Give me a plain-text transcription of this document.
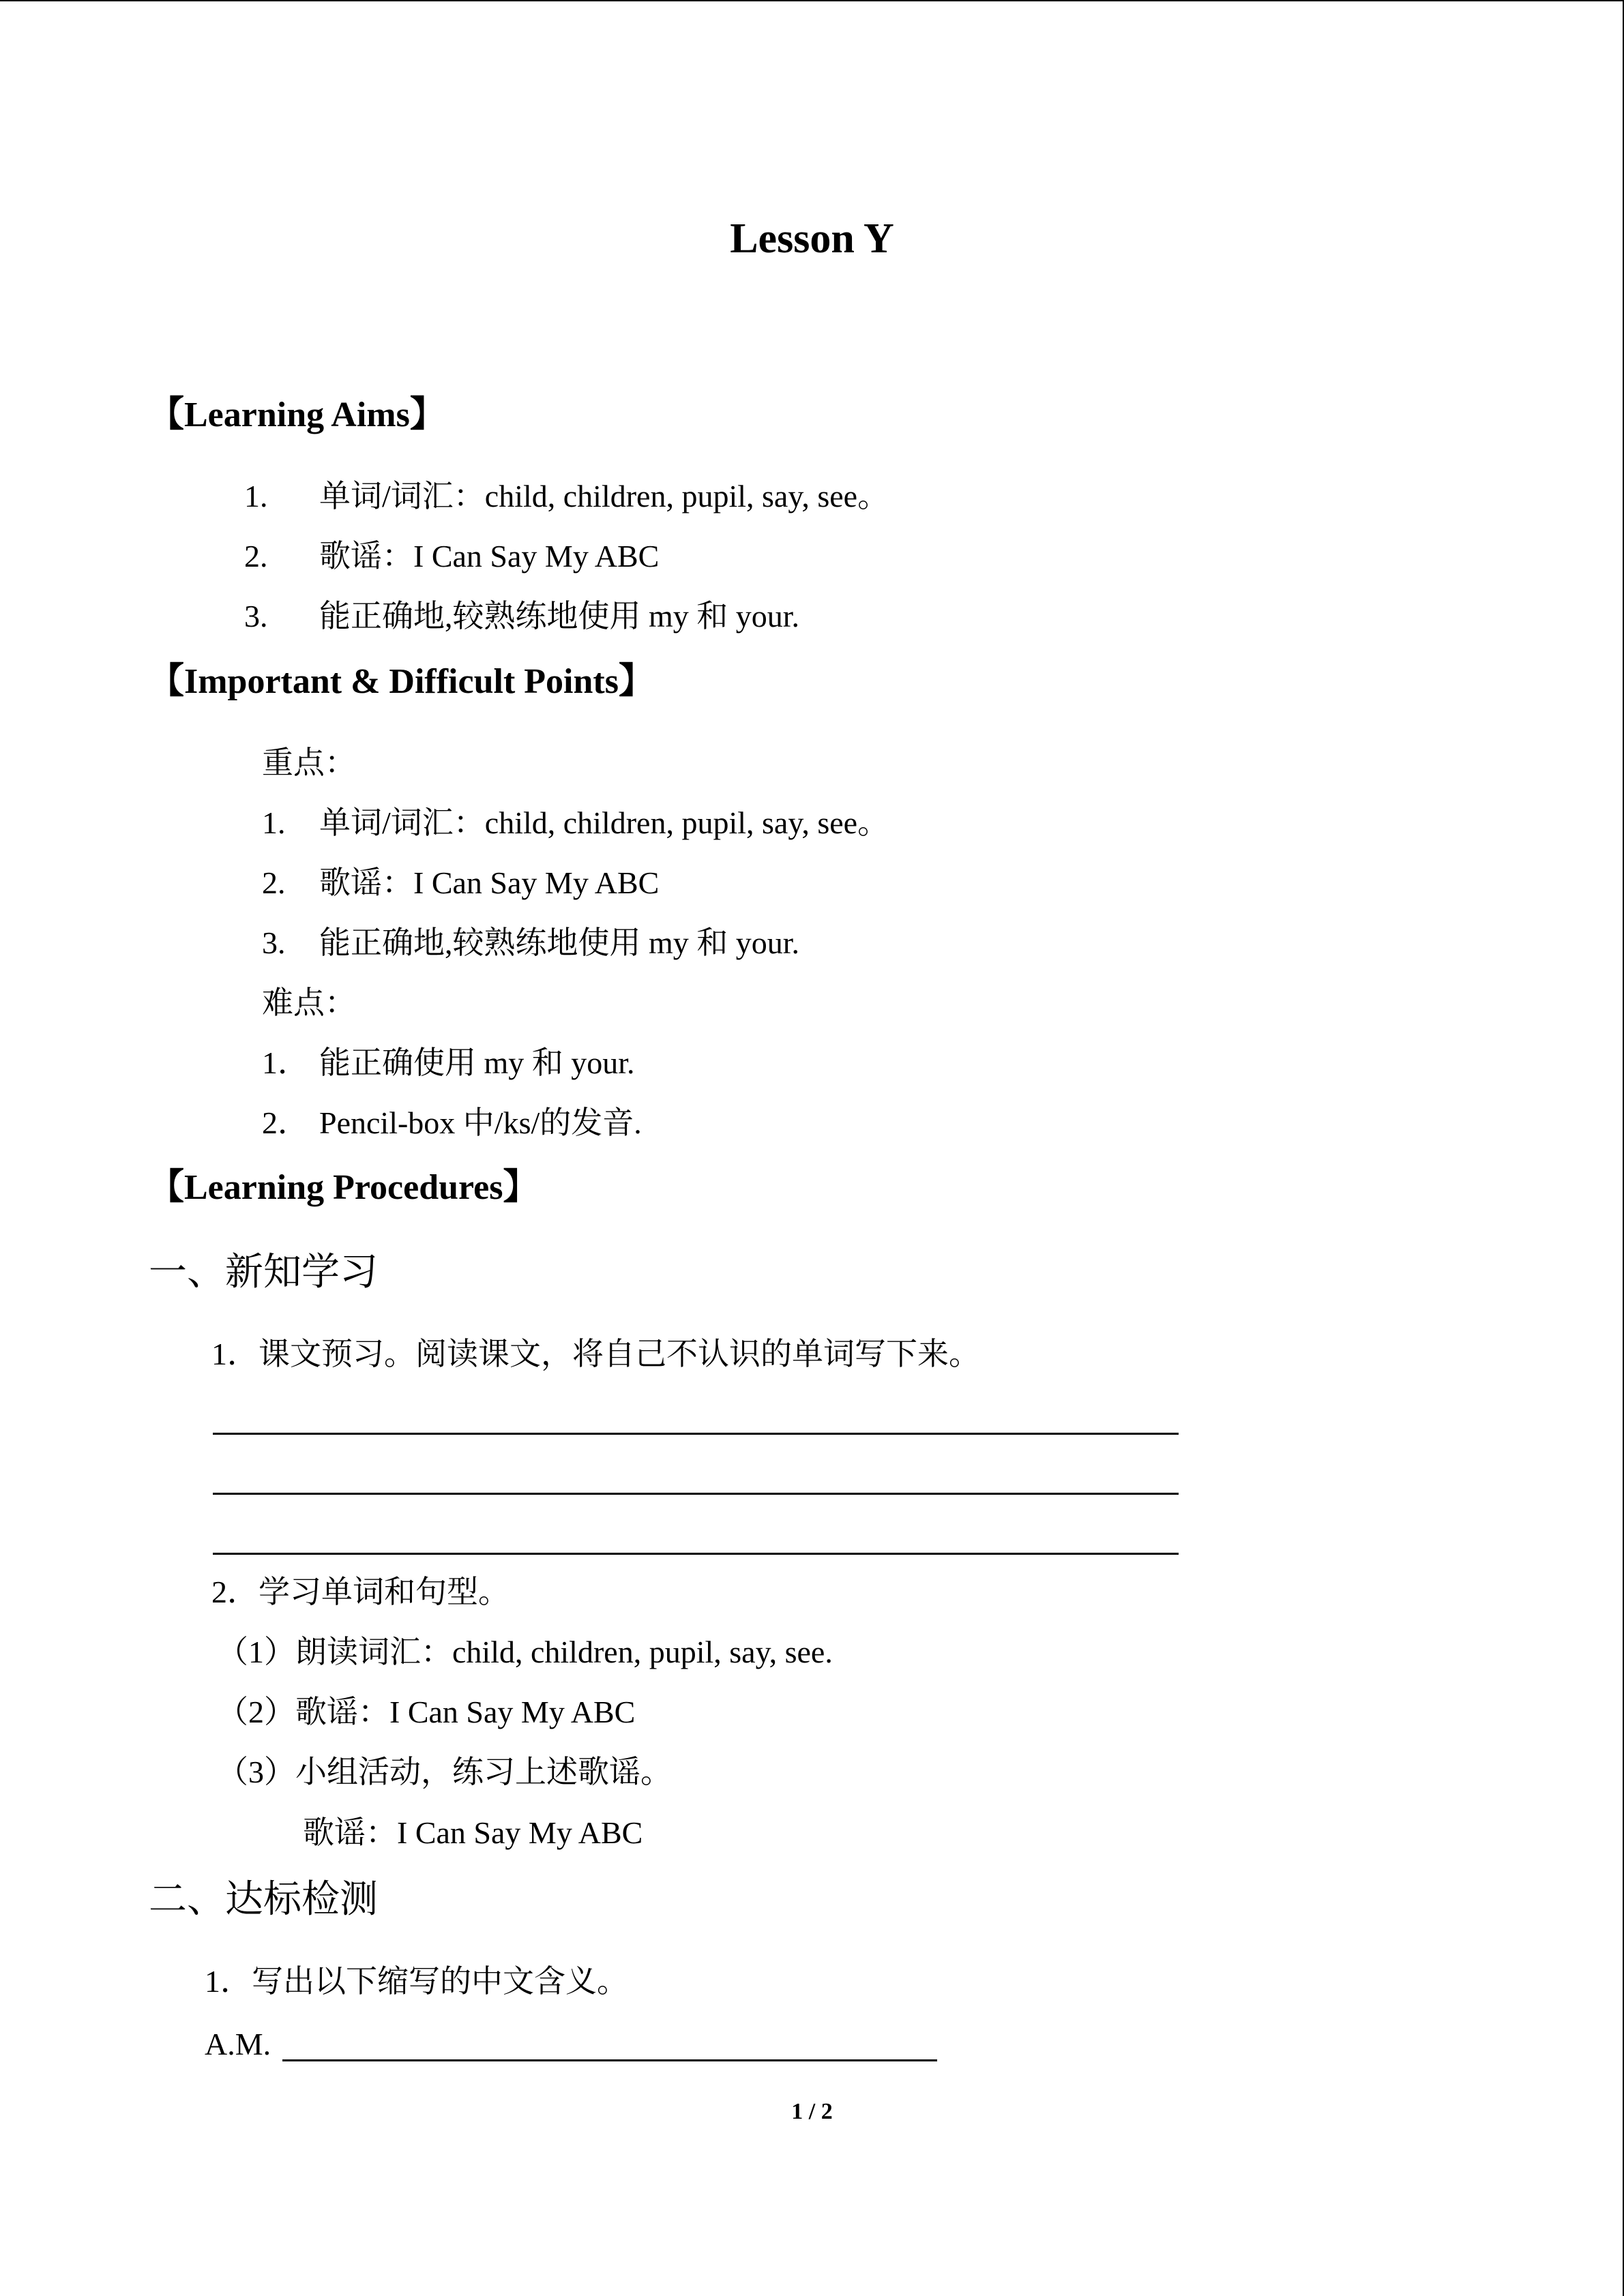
Lesson Y
【Learning Aims】
1. 单词/词汇：child, children, pupil, say, see。
2. 歌谣：I Can Say My ABC
3. 能正确地,较熟练地使用 my 和 your.
【Important & Difficult Points】
重点：
1. 单词/词汇：child, children, pupil, say, see。
2. 歌谣：I Can Say My ABC
3. 能正确地,较熟练地使用 my 和 your.
难点：
1． 能正确使用 my 和 your.
2． Pencil-box 中/ks/的发音.
【Learning Procedures】
一、新知学习
1．课文预习。阅读课文，将自己不认识的单词写下来。
2．学习单词和句型。
（1）朗读词汇：child, children, pupil, say, see.
（2）歌谣：I Can Say My ABC
（3）小组活动，练习上述歌谣。
歌谣：I Can Say My ABC
二、达标检测
1．写出以下缩写的中文含义。
A.M.
1 / 2
